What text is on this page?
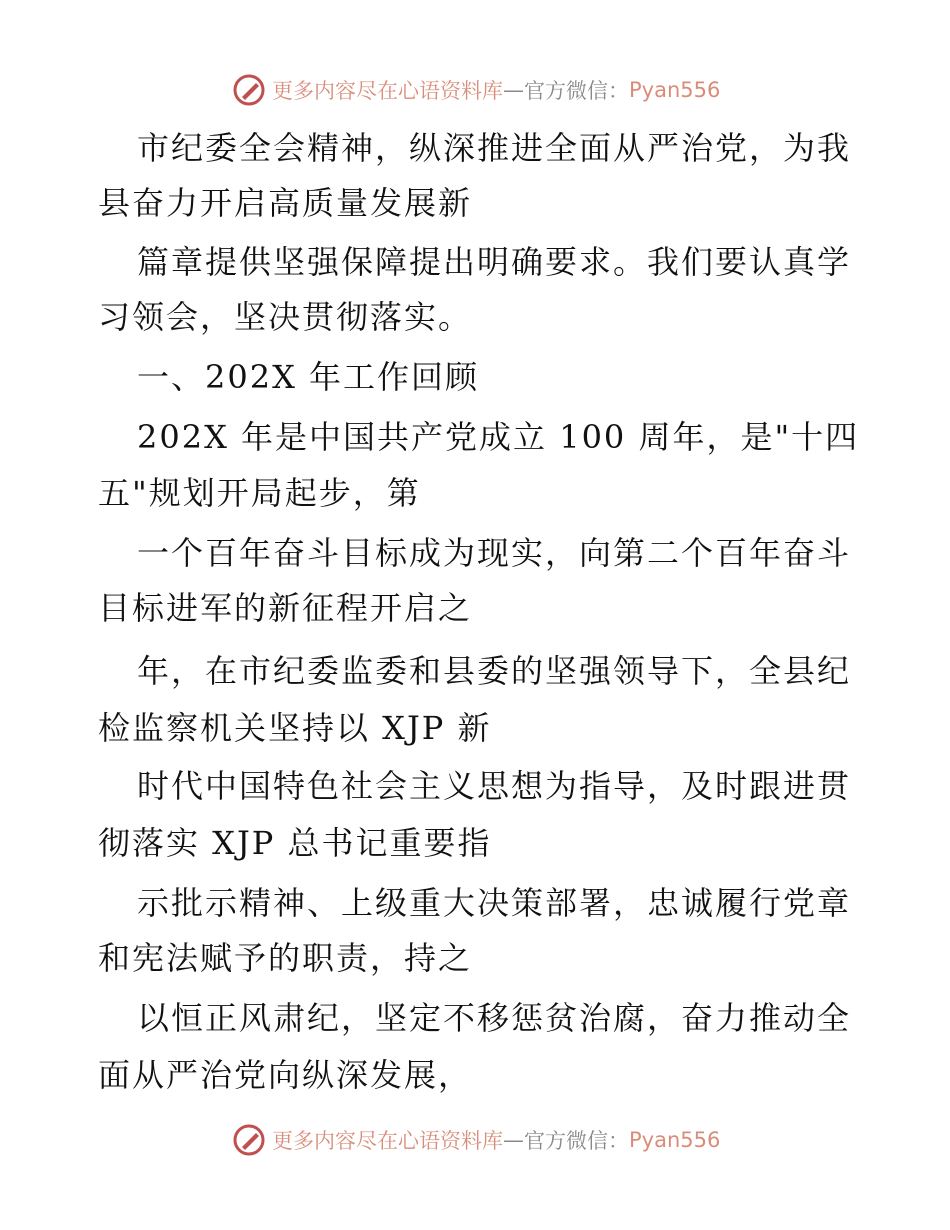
更多内容尽在心语资料库 — 官方微信： Pyan556
市纪委全会精神，纵深推进全面从严治党，为我
县奋力开启高质量发展新
篇章提供坚强保障提出明确要求。我们要认真学
习领会，坚决贯彻落实。
一、202X 年工作回顾
202X 年是中国共产党成立 100 周年，是"十四
五"规划开局起步，第
一个百年奋斗目标成为现实，向第二个百年奋斗
目标进军的新征程开启之
年，在市纪委监委和县委的坚强领导下，全县纪
检监察机关坚持以 XJP 新
时代中国特色社会主义思想为指导，及时跟进贯
彻落实 XJP 总书记重要指
示批示精神、上级重大决策部署，忠诚履行党章
和宪法赋予的职责，持之
以恒正风肃纪，坚定不移惩贫治腐，奋力推动全
面从严治党向纵深发展，
更多内容尽在心语资料库 — 官方微信： Pyan556
